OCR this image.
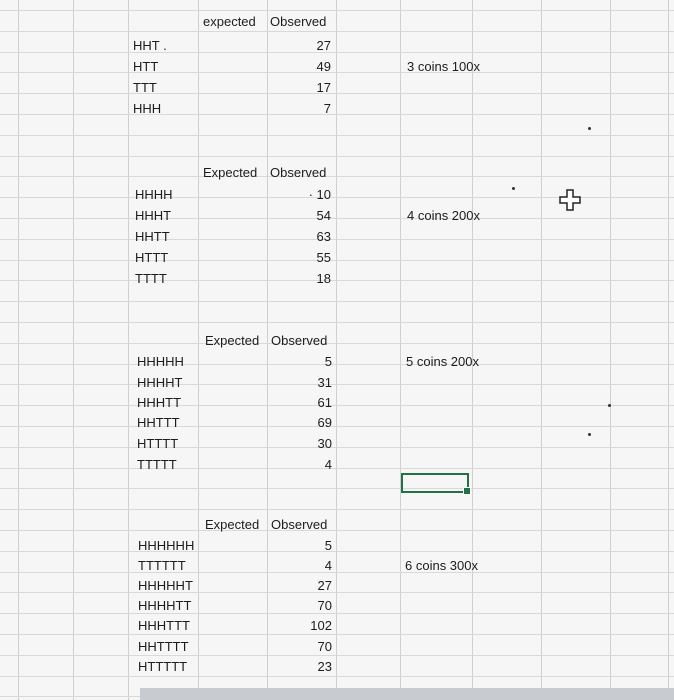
expected Observed
HHT .	27
HTT	49
TTT	17
HHH	7
3 coins 100x
Expected Observed
HHHH	· 10
HHHT	54
HHTT	63
HTTT	55
TTTT	18
4 coins 200x
Expected Observed
HHHHH	5
HHHHT	31
HHHTT	61
HHTTT	69
HTTTT	30
TTTTT	4
5 coins 200x
Expected Observed
HHHHHH	5
TTTTTT	4
HHHHHT	27
HHHHTT	70
HHHTTT	102
HHTTTT	70
HTTTTT	23
6 coins 300x
